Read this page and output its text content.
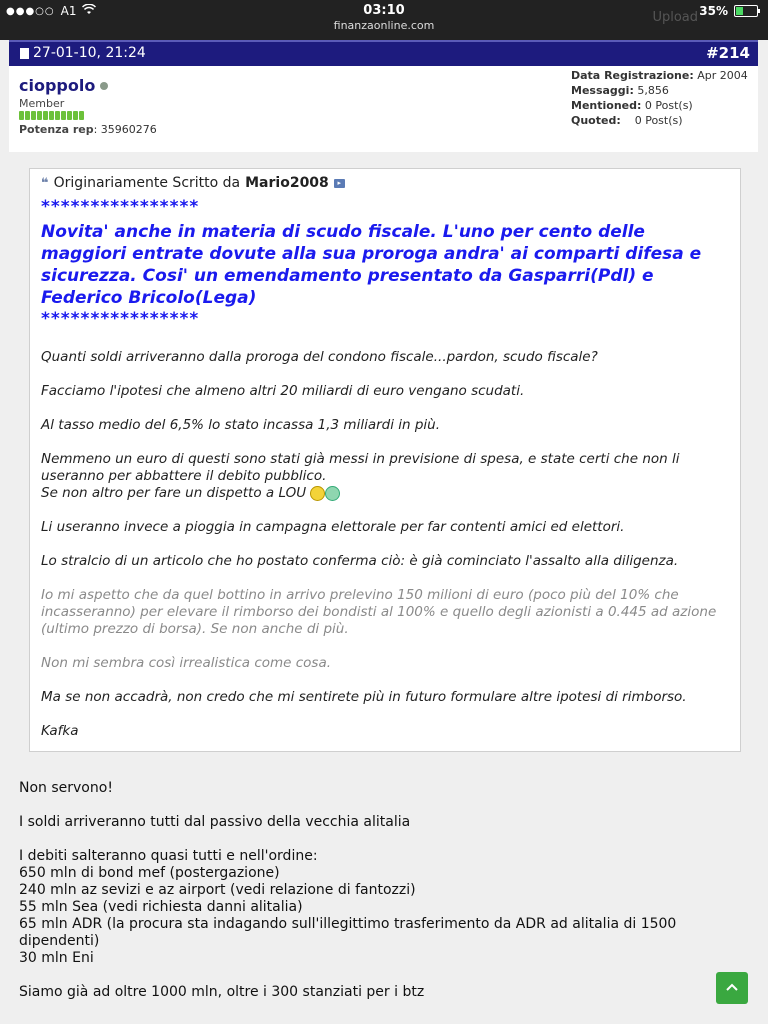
●●●○○ A1	Upload
03:10
finanzaonline.com
35%
27-01-10, 21:24	#214
cioppolo
Member
Potenza rep: 35960276
Data Registrazione: Apr 2004
Messaggi: 5,856
Mentioned: 0 Post(s)
Quoted:    0 Post(s)
❝ Originariamente Scritto da Mario2008	▸
****************
Novita' anche in materia di scudo fiscale. L'uno per cento delle maggiori entrate dovute alla sua proroga andra' ai comparti difesa e sicurezza. Cosi' un emendamento presentato da Gasparri(Pdl) e Federico Bricolo(Lega)
****************
Quanti soldi arriveranno dalla proroga del condono fiscale...pardon, scudo fiscale?
Facciamo l'ipotesi che almeno altri 20 miliardi di euro vengano scudati.
Al tasso medio del 6,5% lo stato incassa 1,3 miliardi in più.
Nemmeno un euro di questi sono stati già messi in previsione di spesa, e state certi che non li useranno per abbattere il debito pubblico.
Se non altro per fare un dispetto a LOU
Li useranno invece a pioggia in campagna elettorale per far contenti amici ed elettori.
Lo stralcio di un articolo che ho postato conferma ciò: è già cominciato l'assalto alla diligenza.
Io mi aspetto che da quel bottino in arrivo prelevino 150 milioni di euro (poco più del 10% che incasseranno) per elevare il rimborso dei bondisti al 100% e quello degli azionisti a 0.445 ad azione (ultimo prezzo di borsa). Se non anche di più.
Non mi sembra così irrealistica come cosa.
Ma se non accadrà, non credo che mi sentirete più in futuro formulare altre ipotesi di rimborso.
Kafka
Non servono!
I soldi arriveranno tutti dal passivo della vecchia alitalia
I debiti salteranno quasi tutti e nell'ordine:
650 mln di bond mef (postergazione)
240 mln az sevizi e az airport (vedi relazione di fantozzi)
55 mln Sea (vedi richiesta danni alitalia)
65 mln ADR (la procura sta indagando sull'illegittimo trasferimento da ADR ad alitalia di 1500 dipendenti)
30 mln Eni
Siamo già ad oltre 1000 mln, oltre i 300 stanziati per i btz
